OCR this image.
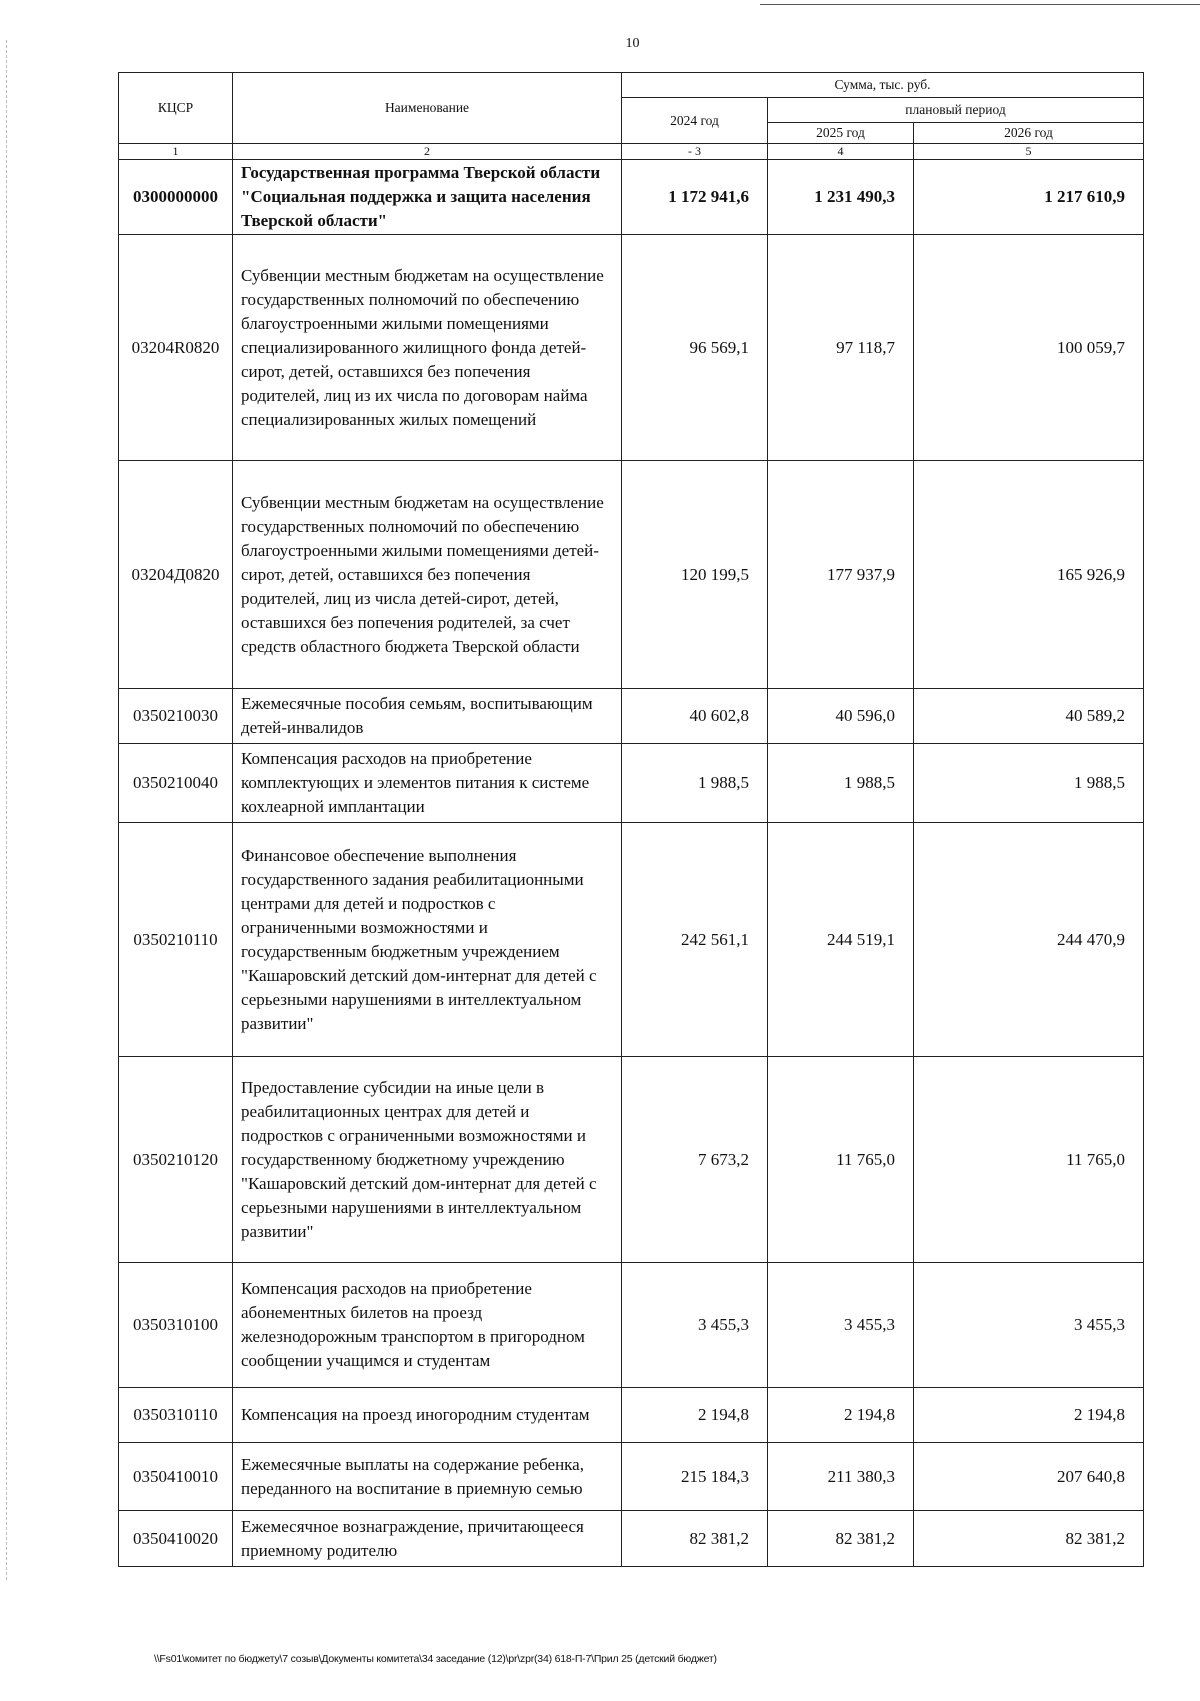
10
КЦСР	Наименование	Сумма, тыс. руб.		
		2024 год	плановый период	
			2025 год	2026 год
1	2	- 3	4	5
0300000000	Государственная программа Тверской области "Социальная поддержка и защита населения Тверской области"	1 172 941,6	1 231 490,3	1 217 610,9
03204R0820	Субвенции местным бюджетам на осуществление государственных полномочий по обеспечению благоустроенными жилыми помещениями специализированного жилищного фонда детей-сирот, детей, оставшихся без попечения родителей, лиц из их числа по договорам найма специализированных жилых помещений	96 569,1	97 118,7	100 059,7
03204Д0820	Субвенции местным бюджетам на осуществление государственных полномочий по обеспечению благоустроенными жилыми помещениями детей-сирот, детей, оставшихся без попечения родителей, лиц из числа детей-сирот, детей, оставшихся без попечения родителей, за счет средств областного бюджета Тверской области	120 199,5	177 937,9	165 926,9
0350210030	Ежемесячные пособия семьям, воспитывающим детей-инвалидов	40 602,8	40 596,0	40 589,2
0350210040	Компенсация расходов на приобретение комплектующих и элементов питания к системе кохлеарной имплантации	1 988,5	1 988,5	1 988,5
0350210110	Финансовое обеспечение выполнения государственного задания реабилитационными центрами для детей и подростков с ограниченными возможностями и государственным бюджетным учреждением "Кашаровский детский дом-интернат для детей с серьезными нарушениями в интеллектуальном развитии"	242 561,1	244 519,1	244 470,9
0350210120	Предоставление субсидии на иные цели в реабилитационных центрах для детей и подростков с ограниченными возможностями и государственному бюджетному учреждению "Кашаровский детский дом-интернат для детей с серьезными нарушениями в интеллектуальном развитии"	7 673,2	11 765,0	11 765,0
0350310100	Компенсация расходов на приобретение абонементных билетов на проезд железнодорожным транспортом в пригородном сообщении учащимся и студентам	3 455,3	3 455,3	3 455,3
0350310110	Компенсация на проезд иногородним студентам	2 194,8	2 194,8	2 194,8
0350410010	Ежемесячные выплаты на содержание ребенка, переданного на воспитание в приемную семью	215 184,3	211 380,3	207 640,8
0350410020	Ежемесячное вознаграждение, причитающееся приемному родителю	82 381,2	82 381,2	82 381,2
\\Fs01\комитет по бюджету\7 созыв\Документы комитета\34 заседание (12)\pr\zpr(34) 618-П-7\Прил 25 (детский бюджет)
